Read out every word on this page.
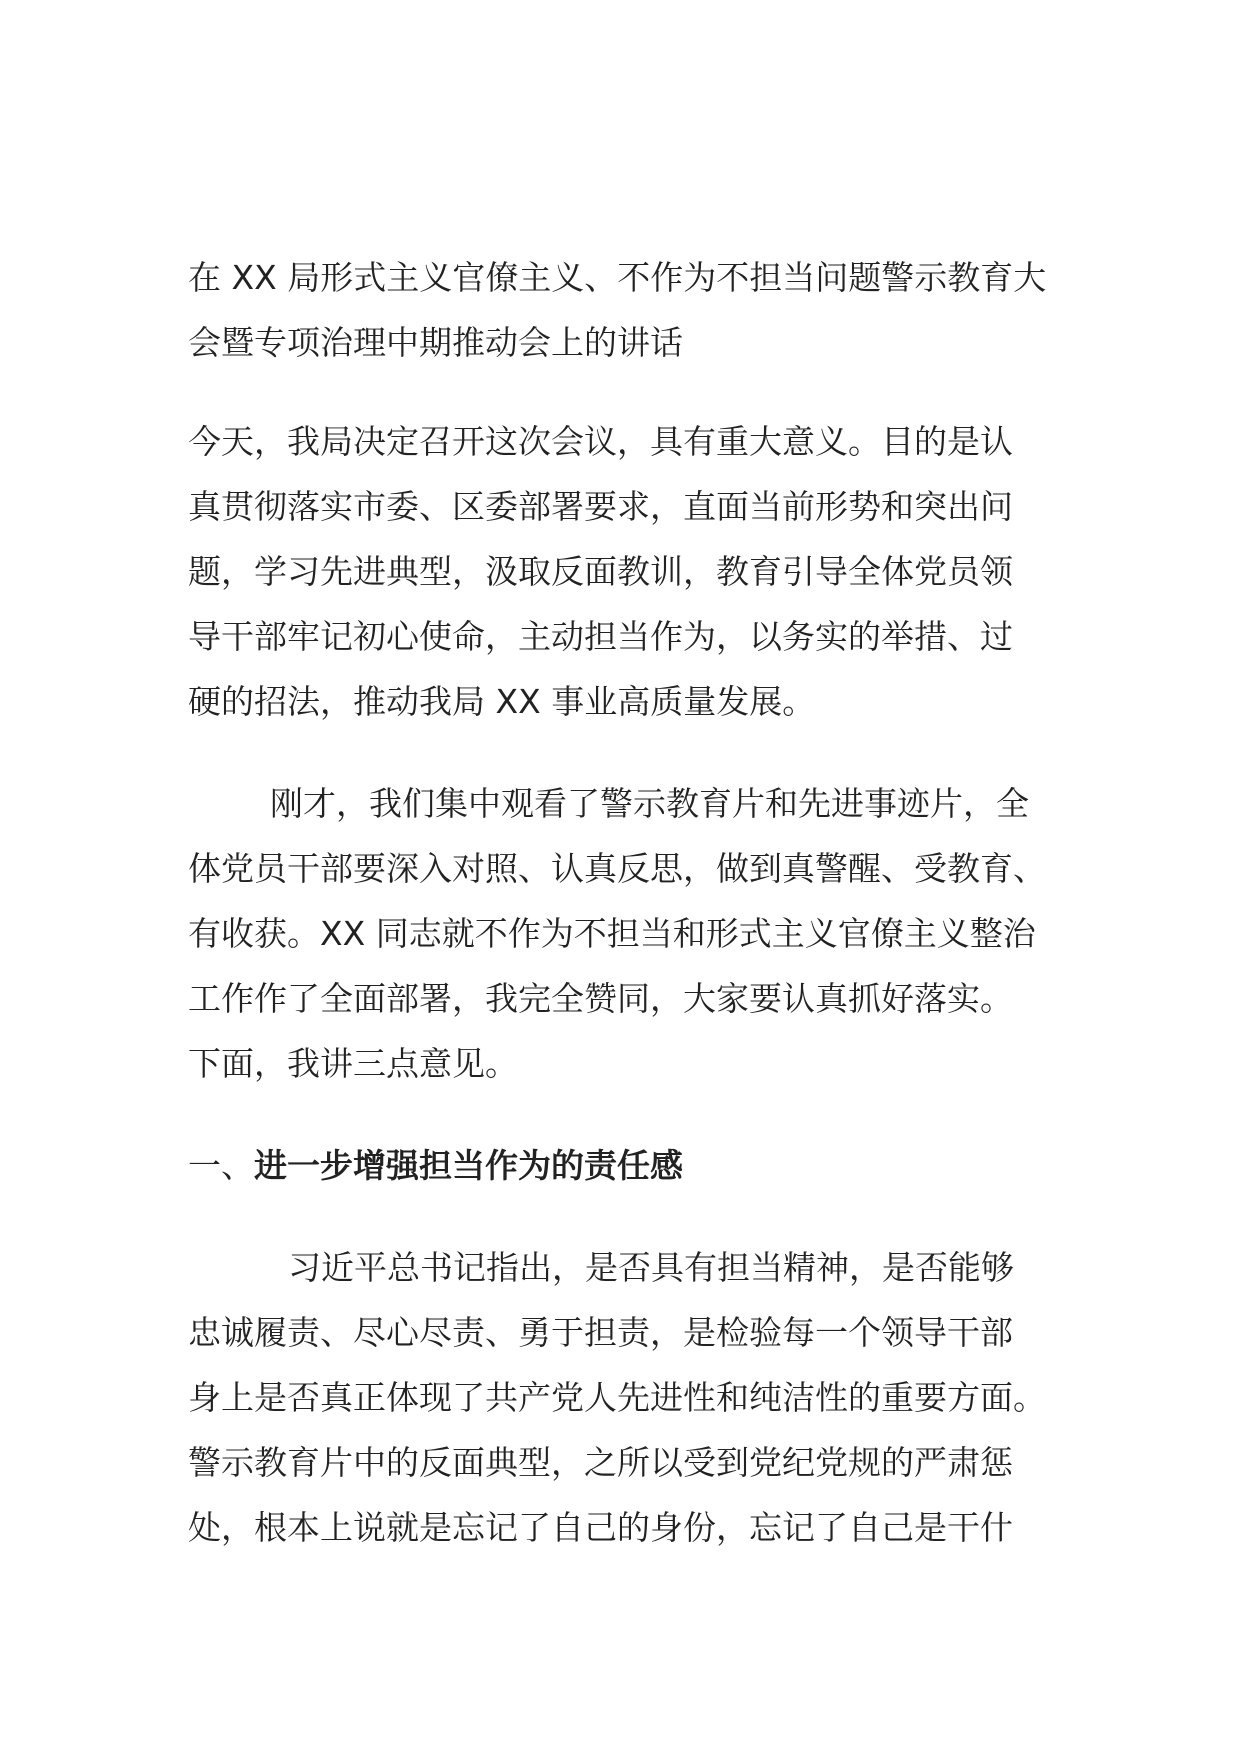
在 XX 局形式主义官僚主义、不作为不担当问题警示教育大

会暨专项治理中期推动会上的讲话

今天，我局决定召开这次会议，具有重大意义。目的是认

真贯彻落实市委、区委部署要求，直面当前形势和突出问

题，学习先进典型，汲取反面教训，教育引导全体党员领

导干部牢记初心使命，主动担当作为，以务实的举措、过

硬的招法，推动我局 XX 事业高质量发展。

刚才，我们集中观看了警示教育片和先进事迹片，全

体党员干部要深入对照、认真反思，做到真警醒、受教育、

有收获。XX 同志就不作为不担当和形式主义官僚主义整治

工作作了全面部署，我完全赞同，大家要认真抓好落实。

下面，我讲三点意见。

一、进一步增强担当作为的责任感

习近平总书记指出，是否具有担当精神，是否能够

忠诚履责、尽心尽责、勇于担责，是检验每一个领导干部

身上是否真正体现了共产党人先进性和纯洁性的重要方面。

警示教育片中的反面典型，之所以受到党纪党规的严肃惩

处，根本上说就是忘记了自己的身份，忘记了自己是干什
